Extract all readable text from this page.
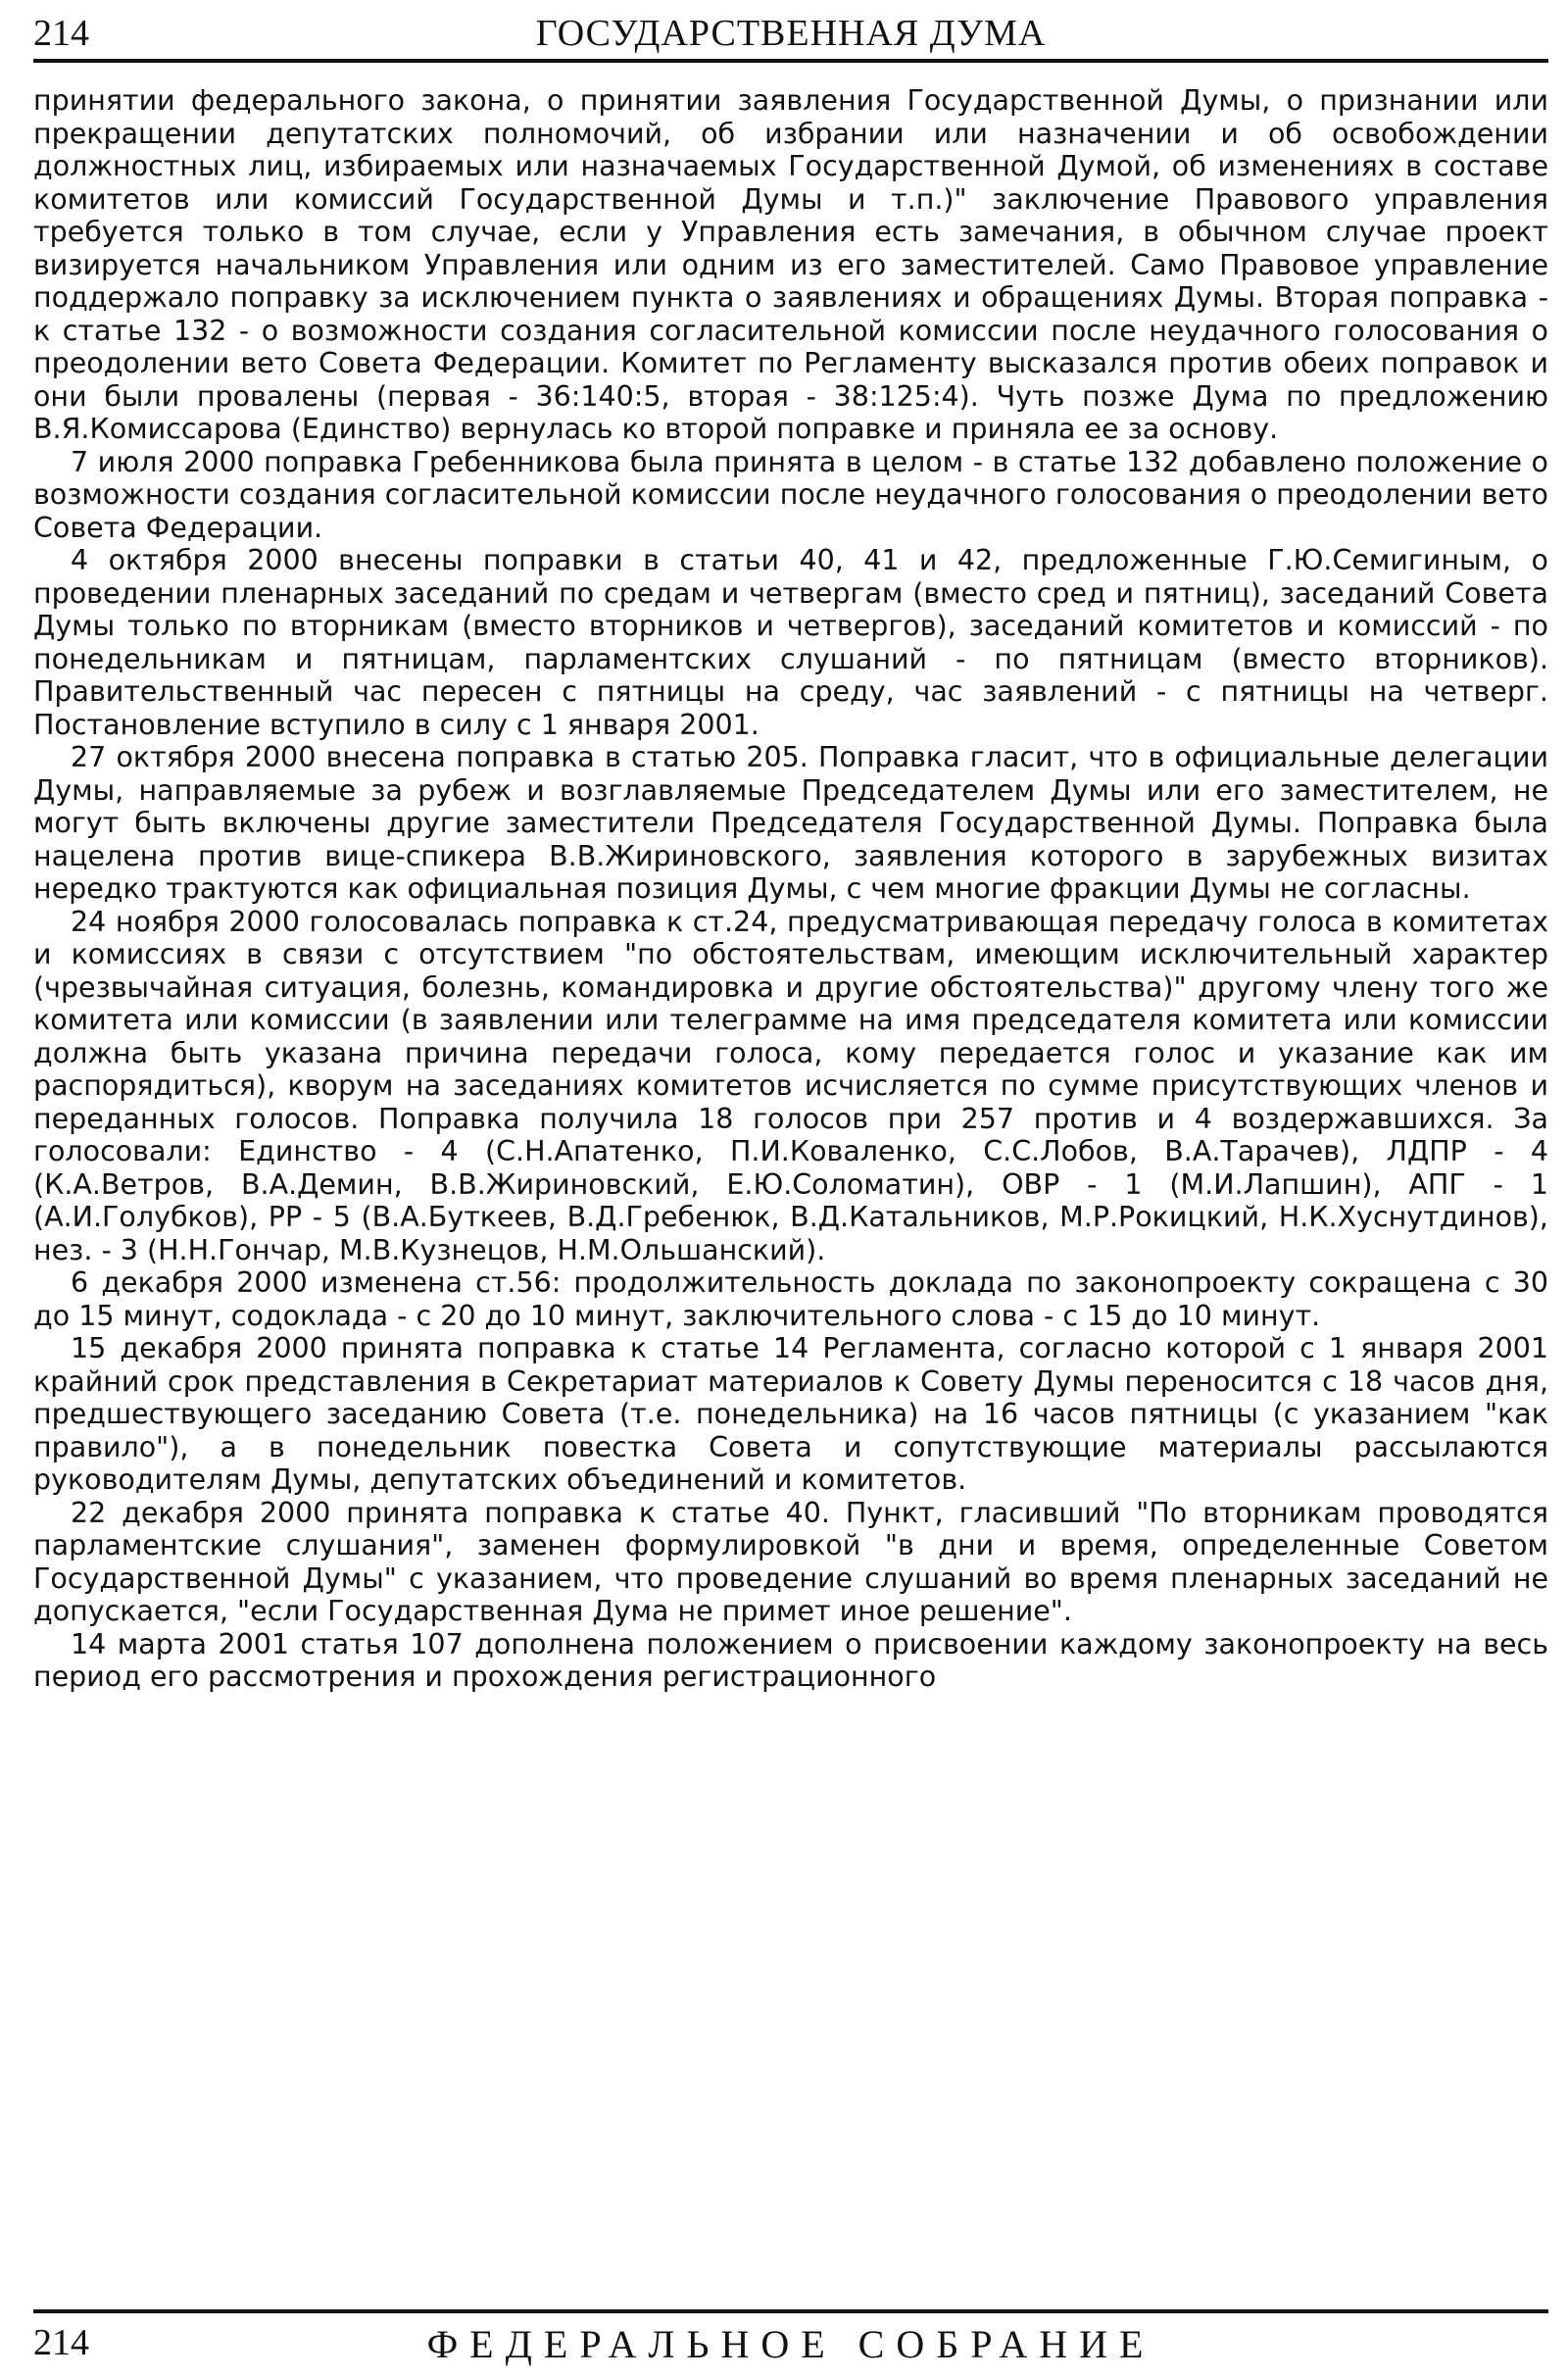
214	ГОСУДАРСТВЕННАЯ ДУМА

принятии федерального закона, о принятии заявления Государственной Думы, о признании или прекращении депутатских полномочий, об избрании или назначении и об освобождении должностных лиц, избираемых или назначаемых Государственной Думой, об изменениях в составе комитетов или комиссий Государственной Думы и т.п.)" заключение Правового управления требуется только в том случае, если у Управления есть замечания, в обычном случае проект визируется начальником Управления или одним из его заместителей. Само Правовое управление поддержало поправку за исключением пункта о заявлениях и обращениях Думы. Вторая поправка - к статье 132 - о возможности создания согласительной комиссии после неудачного голосования о преодолении вето Совета Федерации. Комитет по Регламенту высказался против обеих поправок и они были провалены (первая - 36:140:5, вторая - 38:125:4). Чуть позже Дума по предложению В.Я.Комиссарова (Единство) вернулась ко второй поправке и приняла ее за основу.

7 июля 2000 поправка Гребенникова была принята в целом - в статье 132 добавлено положение о возможности создания согласительной комиссии после неудачного голосования о преодолении вето Совета Федерации.

4 октября 2000 внесены поправки в статьи 40, 41 и 42, предложенные Г.Ю.Семигиным, о проведении пленарных заседаний по средам и четвергам (вместо сред и пятниц), заседаний Совета Думы только по вторникам (вместо вторников и четвергов), заседаний комитетов и комиссий - по понедельникам и пятницам, парламентских слушаний - по пятницам (вместо вторников). Правительственный час пересен с пятницы на среду, час заявлений - с пятницы на четверг. Постановление вступило в силу с 1 января 2001.

27 октября 2000 внесена поправка в статью 205. Поправка гласит, что в официальные делегации Думы, направляемые за рубеж и возглавляемые Председателем Думы или его заместителем, не могут быть включены другие заместители Председателя Государственной Думы. Поправка была нацелена против вице-спикера В.В.Жириновского, заявления которого в зарубежных визитах нередко трактуются как официальная позиция Думы, с чем многие фракции Думы не согласны.

24 ноября 2000 голосовалась поправка к ст.24, предусматривающая передачу голоса в комитетах и комиссиях в связи с отсутствием "по обстоятельствам, имеющим исключительный характер (чрезвычайная ситуация, болезнь, командировка и другие обстоятельства)" другому члену того же комитета или комиссии (в заявлении или телеграмме на имя председателя комитета или комиссии должна быть указана причина передачи голоса, кому передается голос и указание как им распорядиться), кворум на заседаниях комитетов исчисляется по сумме присутствующих членов и переданных голосов. Поправка получила 18 голосов при 257 против и 4 воздержавшихся. За голосовали: Единство - 4 (С.Н.Апатенко, П.И.Коваленко, С.С.Лобов, В.А.Тарачев), ЛДПР - 4 (К.А.Ветров, В.А.Демин, В.В.Жириновский, Е.Ю.Соломатин), ОВР - 1 (М.И.Лапшин), АПГ - 1 (А.И.Голубков), РР - 5 (В.А.Буткеев, В.Д.Гребенюк, В.Д.Катальников, М.Р.Рокицкий, Н.К.Хуснутдинов), нез. - 3 (Н.Н.Гончар, М.В.Кузнецов, Н.М.Ольшанский).

6 декабря 2000 изменена ст.56: продолжительность доклада по законопроекту сокращена с 30 до 15 минут, содоклада - с 20 до 10 минут, заключительного слова - с 15 до 10 минут.

15 декабря 2000 принята поправка к статье 14 Регламента, согласно которой с 1 января 2001 крайний срок представления в Секретариат материалов к Совету Думы переносится с 18 часов дня, предшествующего заседанию Совета (т.е. понедельника) на 16 часов пятницы (с указанием "как правило"), а в понедельник повестка Совета и сопутствующие материалы рассылаются руководителям Думы, депутатских объединений и комитетов.

22 декабря 2000 принята поправка к статье 40. Пункт, гласивший "По вторникам проводятся парламентские слушания", заменен формулировкой "в дни и время, определенные Советом Государственной Думы" с указанием, что проведение слушаний во время пленарных заседаний не допускается, "если Государственная Дума не примет иное решение".

14 марта 2001 статья 107 дополнена положением о присвоении каждому законопроекту на весь период его рассмотрения и прохождения регистрационного

214	ФЕДЕРАЛЬНОЕ СОБРАНИЕ
